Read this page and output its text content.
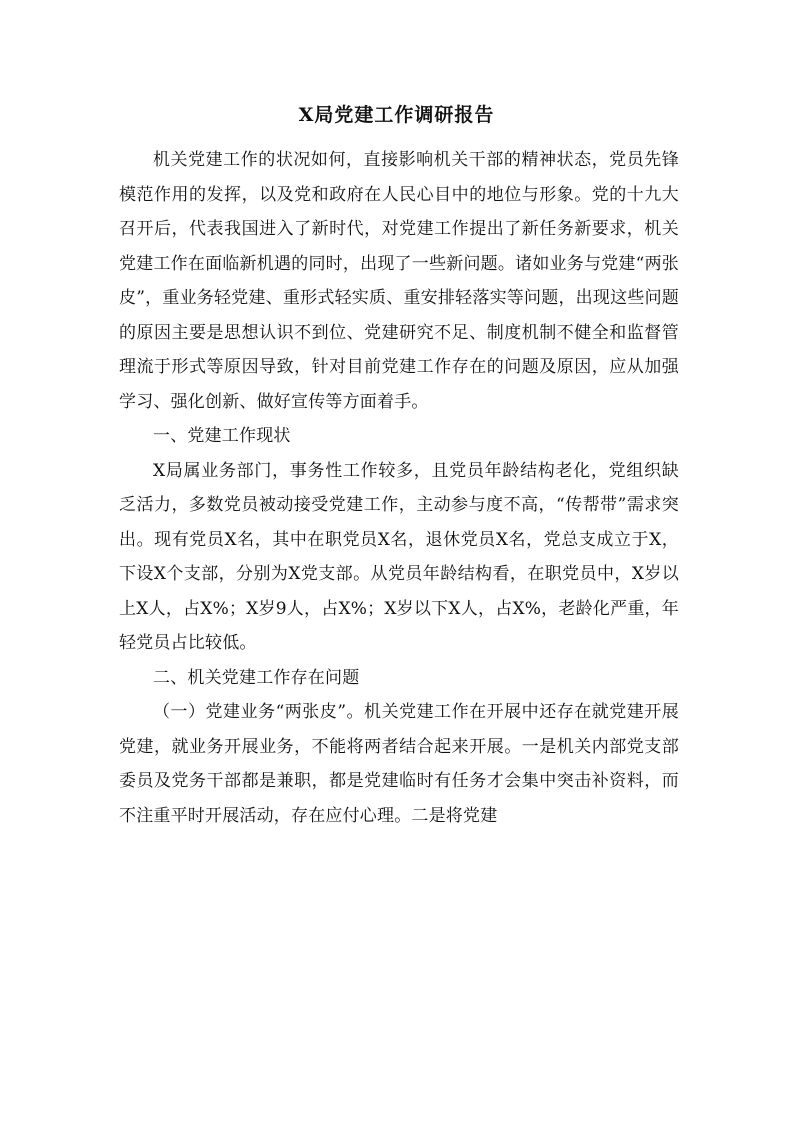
X局党建工作调研报告

机关党建工作的状况如何，直接影响机关干部的精神状态，党员先锋模范作用的发挥，以及党和政府在人民心目中的地位与形象。党的十九大召开后，代表我国进入了新时代，对党建工作提出了新任务新要求，机关党建工作在面临新机遇的同时，出现了一些新问题。诸如业务与党建“两张皮”，重业务轻党建、重形式轻实质、重安排轻落实等问题，出现这些问题的原因主要是思想认识不到位、党建研究不足、制度机制不健全和监督管理流于形式等原因导致，针对目前党建工作存在的问题及原因，应从加强学习、强化创新、做好宣传等方面着手。

一、党建工作现状

X局属业务部门，事务性工作较多，且党员年龄结构老化，党组织缺乏活力，多数党员被动接受党建工作，主动参与度不高，“传帮带”需求突出。现有党员X名，其中在职党员X名，退休党员X名，党总支成立于X，下设X个支部，分别为X党支部。从党员年龄结构看，在职党员中，X岁以上X人，占X%；X岁9人，占X%；X岁以下X人，占X%，老龄化严重，年轻党员占比较低。

二、机关党建工作存在问题

（一）党建业务“两张皮”。机关党建工作在开展中还存在就党建开展党建，就业务开展业务，不能将两者结合起来开展。一是机关内部党支部委员及党务干部都是兼职，都是党建临时有任务才会集中突击补资料，而不注重平时开展活动，存在应付心理。二是将党建
